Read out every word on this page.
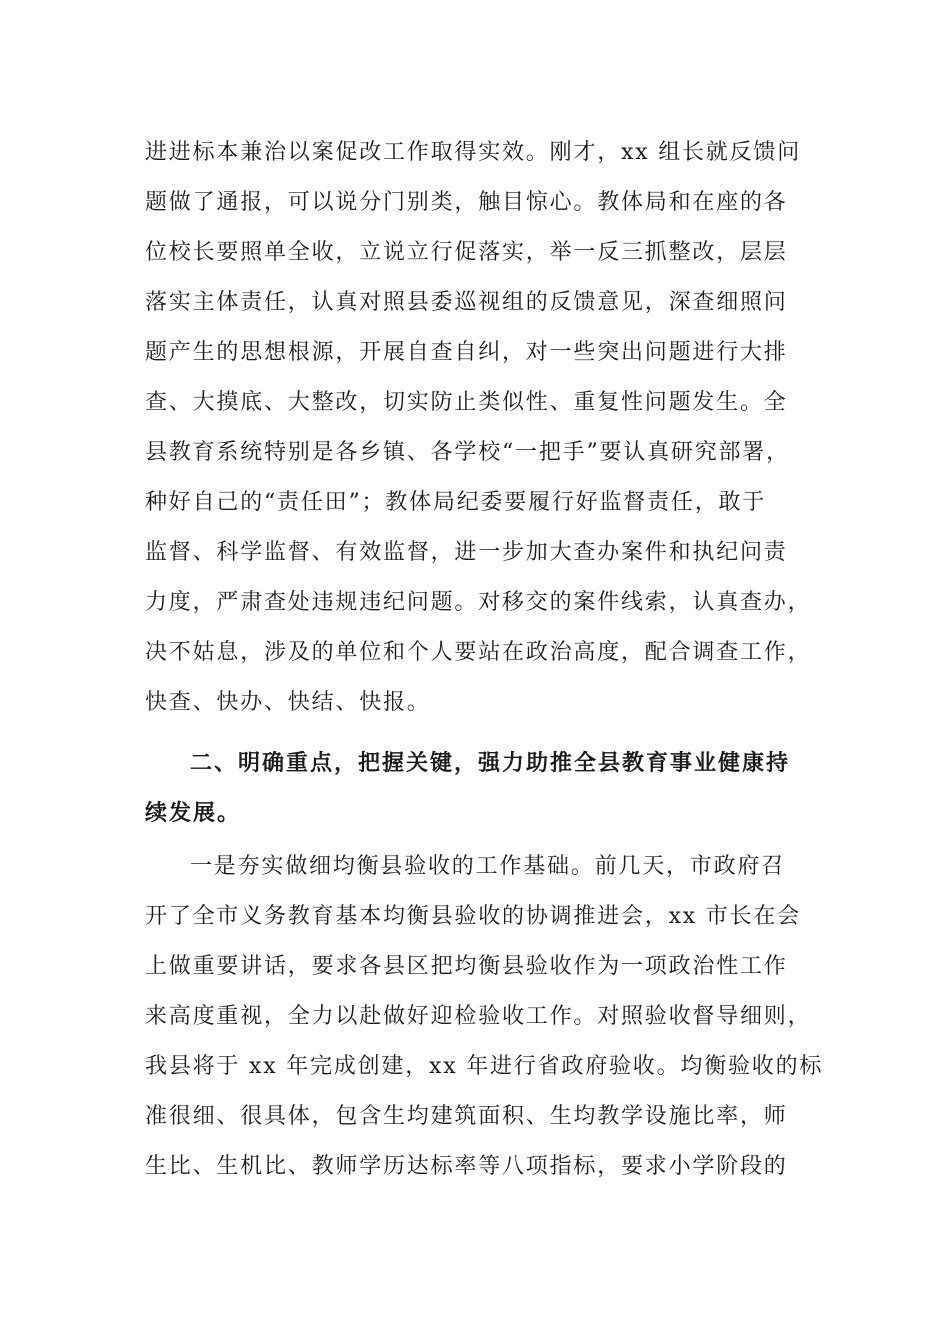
进进标本兼治以案促改工作取得实效。刚才，xx 组长就反馈问
题做了通报，可以说分门别类，触目惊心。教体局和在座的各
位校长要照单全收，立说立行促落实，举一反三抓整改，层层
落实主体责任，认真对照县委巡视组的反馈意见，深查细照问
题产生的思想根源，开展自查自纠，对一些突出问题进行大排
查、大摸底、大整改，切实防止类似性、重复性问题发生。全
县教育系统特别是各乡镇、各学校“一把手”要认真研究部署，
种好自己的“责任田”；教体局纪委要履行好监督责任，敢于
监督、科学监督、有效监督，进一步加大查办案件和执纪问责
力度，严肃查处违规违纪问题。对移交的案件线索，认真查办，
决不姑息，涉及的单位和个人要站在政治高度，配合调查工作，
快查、快办、快结、快报。
二、明确重点，把握关键，强力助推全县教育事业健康持
续发展。
一是夯实做细均衡县验收的工作基础。前几天，市政府召
开了全市义务教育基本均衡县验收的协调推进会，xx 市长在会
上做重要讲话，要求各县区把均衡县验收作为一项政治性工作
来高度重视，全力以赴做好迎检验收工作。对照验收督导细则，
我县将于 xx 年完成创建，xx 年进行省政府验收。均衡验收的标
准很细、很具体，包含生均建筑面积、生均教学设施比率，师
生比、生机比、教师学历达标率等八项指标，要求小学阶段的
